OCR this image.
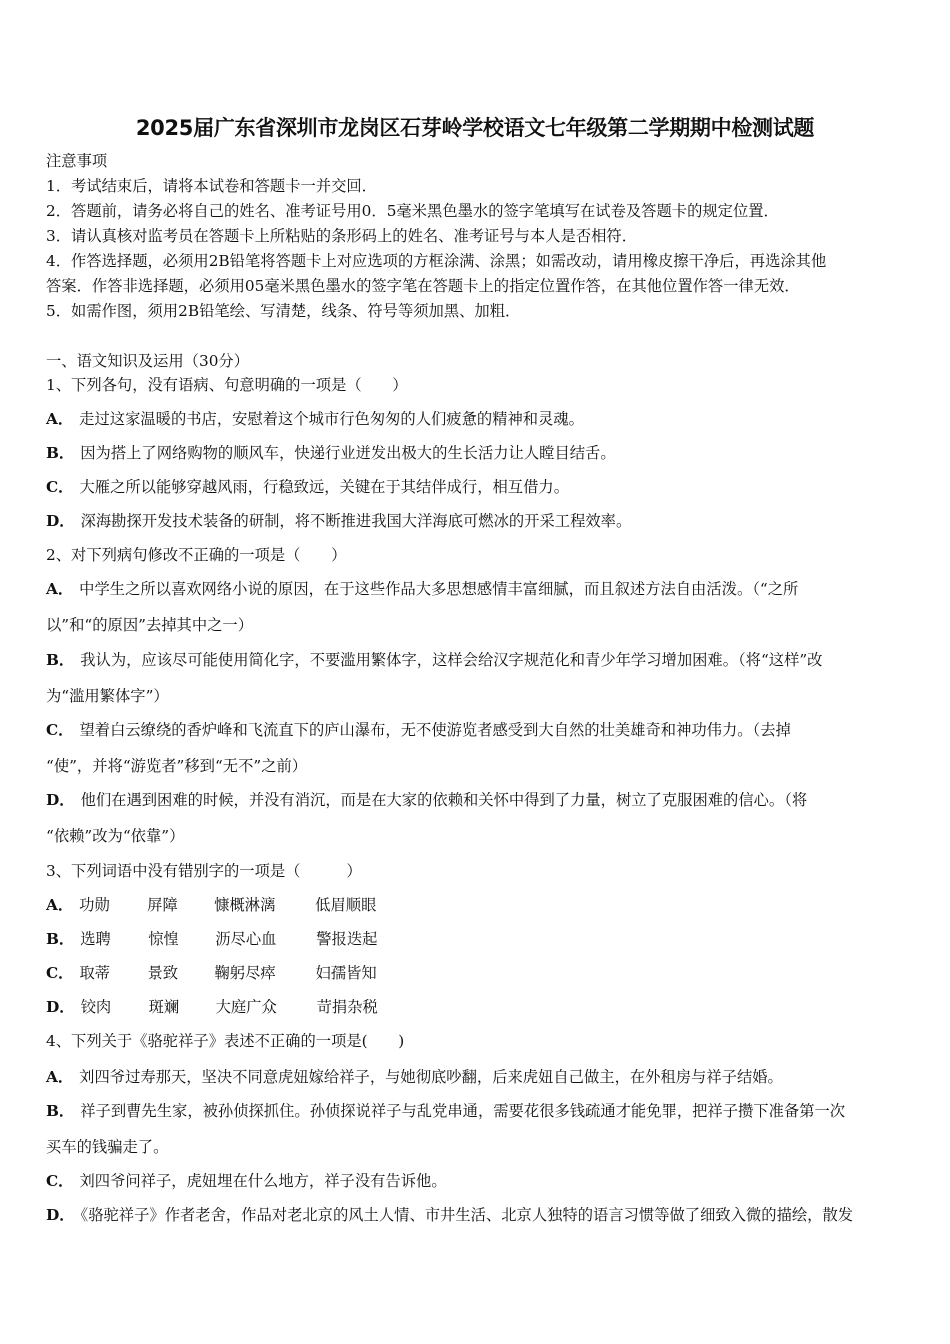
2025届广东省深圳市龙岗区石芽岭学校语文七年级第二学期期中检测试题
注意事项
1．考试结束后，请将本试卷和答题卡一并交回．
2．答题前，请务必将自己的姓名、准考证号用0．5毫米黑色墨水的签字笔填写在试卷及答题卡的规定位置．
3．请认真核对监考员在答题卡上所粘贴的条形码上的姓名、准考证号与本人是否相符．
4．作答选择题，必须用2B铅笔将答题卡上对应选项的方框涂满、涂黑；如需改动，请用橡皮擦干净后，再选涂其他
答案．作答非选择题，必须用05毫米黑色墨水的签字笔在答题卡上的指定位置作答，在其他位置作答一律无效．
5．如需作图，须用2B铅笔绘、写清楚，线条、符号等须加黑、加粗．
一、语文知识及运用（30分）
1、下列各句，没有语病、句意明确的一项是（　　）
A． 走过这家温暖的书店，安慰着这个城市行色匆匆的人们疲惫的精神和灵魂。
B． 因为搭上了网络购物的顺风车，快递行业迸发出极大的生长活力让人瞠目结舌。
C． 大雁之所以能够穿越风雨，行稳致远，关键在于其结伴成行，相互借力。
D． 深海勘探开发技术装备的研制，将不断推进我国大洋海底可燃冰的开采工程效率。
2、对下列病句修改不正确的一项是（　　）
A． 中学生之所以喜欢网络小说的原因，在于这些作品大多思想感情丰富细腻，而且叙述方法自由活泼。（“之所
以”和“的原因”去掉其中之一）
B． 我认为，应该尽可能使用简化字，不要滥用繁体字，这样会给汉字规范化和青少年学习增加困难。（将“这样”改
为“滥用繁体字”）
C． 望着白云缭绕的香炉峰和飞流直下的庐山瀑布，无不使游览者感受到大自然的壮美雄奇和神功伟力。（去掉
“使”，并将“游览者”移到“无不”之前）
D． 他们在遇到困难的时候，并没有消沉，而是在大家的依赖和关怀中得到了力量，树立了克服困难的信心。（将
“依赖”改为“依靠”）
3、下列词语中没有错别字的一项是（　　　）
A． 功勋 屏障 慷概淋漓	低眉顺眼
B． 选聘 惊惶 沥尽心血	警报迭起
C． 取蒂 景致 鞠躬尽瘁	妇孺皆知
D． 铰肉 斑斓 大庭广众	苛捐杂税
4、下列关于《骆驼祥子》表述不正确的一项是(　　)
A． 刘四爷过寿那天，坚决不同意虎妞嫁给祥子，与她彻底吵翻，后来虎妞自己做主，在外租房与祥子结婚。
B． 祥子到曹先生家，被孙侦探抓住。孙侦探说祥子与乱党串通，需要花很多钱疏通才能免罪，把祥子攒下准备第一次
买车的钱骗走了。
C． 刘四爷问祥子，虎妞埋在什么地方，祥子没有告诉他。
D． 《骆驼祥子》作者老舍，作品对老北京的风土人情、市井生活、北京人独特的语言习惯等做了细致入微的描绘，散发
